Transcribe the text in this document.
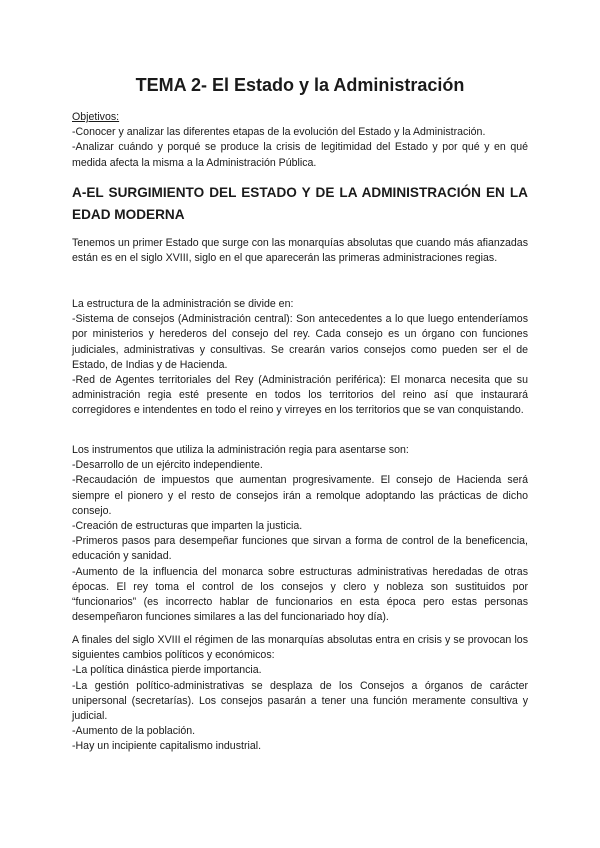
TEMA 2- El Estado y la Administración
Objetivos:
-Conocer y analizar las diferentes etapas de la evolución del Estado y la Administración.
-Analizar cuándo y porqué se produce la crisis de legitimidad del Estado y por qué y en qué medida afecta la misma a la Administración Pública.
A-EL SURGIMIENTO DEL ESTADO Y DE LA ADMINISTRACIÓN EN LA EDAD MODERNA

Tenemos un primer Estado que surge con las monarquías absolutas que cuando más afianzadas están es en el siglo XVIII, siglo en el que aparecerán las primeras administraciones regias.

La estructura de la administración se divide en:

-Sistema de consejos (Administración central): Son antecedentes a lo que luego entenderíamos por ministerios y herederos del consejo del rey. Cada consejo es un órgano con funciones judiciales, administrativas y consultivas. Se crearán varios consejos como pueden ser el de Estado, de Indias y de Hacienda.

-Red de Agentes territoriales del Rey (Administración periférica): El monarca necesita que su administración regia esté presente en todos los territorios del reino así que instaurará corregidores e intendentes en todo el reino y virreyes en los territorios que se van conquistando.

Los instrumentos que utiliza la administración regia para asentarse son:

-Desarrollo de un ejército independiente.

-Recaudación de impuestos que aumentan progresivamente. El consejo de Hacienda será siempre el pionero y el resto de consejos irán a remolque adoptando las prácticas de dicho consejo.

-Creación de estructuras que imparten la justicia.

-Primeros pasos para desempeñar funciones que sirvan a forma de control de la beneficencia, educación y sanidad.

-Aumento de la influencia del monarca sobre estructuras administrativas heredadas de otras épocas. El rey toma el control de los consejos y clero y nobleza son sustituidos por “funcionarios” (es incorrecto hablar de funcionarios en esta época pero estas personas desempeñaron funciones similares a las del funcionariado hoy día).

A finales del siglo XVIII el régimen de las monarquías absolutas entra en crisis y se provocan los siguientes cambios políticos y económicos:

-La política dinástica pierde importancia.

-La gestión político-administrativas se desplaza de los Consejos a órganos de carácter unipersonal (secretarías). Los consejos pasarán a tener una función meramente consultiva y judicial.

-Aumento de la población.

-Hay un incipiente capitalismo industrial.
